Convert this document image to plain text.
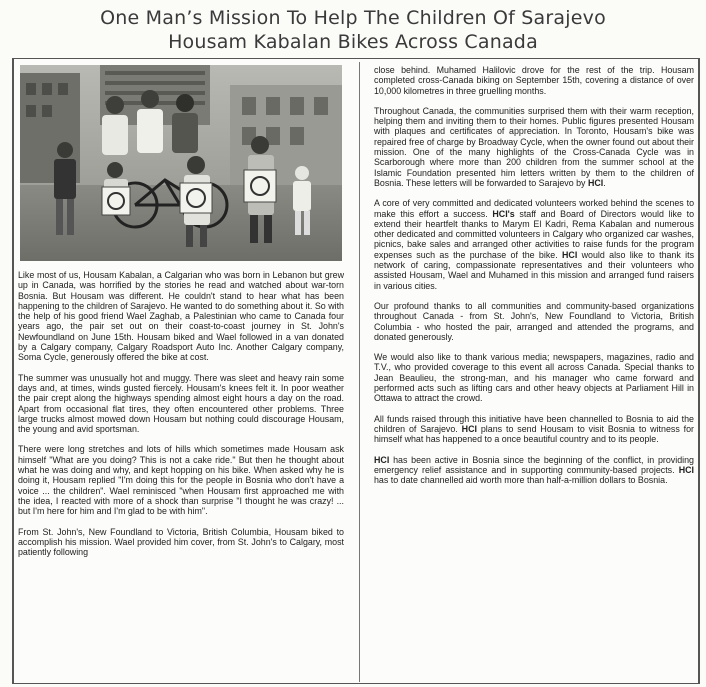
One Man’s Mission To Help The Children Of Sarajevo
Housam Kabalan Bikes Across Canada

Like most of us, Housam Kabalan, a Calgarian who was born in Lebanon but grew up in Canada, was horrified by the stories he read and watched about war-torn Bosnia. But Housam was different. He couldn't stand to hear what has been happening to the children of Sarajevo. He wanted to do something about it. So with the help of his good friend Wael Zaghab, a Palestinian who came to Canada four years ago, the pair set out on their coast-to-coast journey in St. John's Newfoundland on June 15th. Housam biked and Wael followed in a van donated by a Calgary company, Calgary Roadsport Auto Inc. Another Calgary company, Soma Cycle, generously offered the bike at cost.

The summer was unusually hot and muggy. There was sleet and heavy rain some days and, at times, winds gusted fiercely. Housam's knees felt it. In poor weather the pair crept along the highways spending almost eight hours a day on the road. Apart from occasional flat tires, they often encountered other problems. Three large trucks almost mowed down Housam but nothing could discourage Housam, the young and avid sportsman.

There were long stretches and lots of hills which sometimes made Housam ask himself "What are you doing? This is not a cake ride." But then he thought about what he was doing and why, and kept hopping on his bike. When asked why he is doing it, Housam replied "I'm doing this for the people in Bosnia who don't have a voice ... the children". Wael reminisced "when Housam first approached me with the idea, I reacted with more of a shock than surprise "I thought he was crazy! ... but I'm here for him and I'm glad to be with him".

From St. John's, New Foundland to Victoria, British Columbia, Housam biked to accomplish his mission. Wael provided him cover, from St. John's to Calgary, most patiently following

close behind. Muhamed Halilovic drove for the rest of the trip. Housam completed cross-Canada biking on September 15th, covering a distance of over 10,000 kilometres in three gruelling months.

Throughout Canada, the communities surprised them with their warm reception, helping them and inviting them to their homes. Public figures presented Housam with plaques and certificates of appreciation. In Toronto, Housam's bike was repaired free of charge by Broadway Cycle, when the owner found out about their mission. One of the many highlights of the Cross-Canada Cycle was in Scarborough where more than 200 children from the summer school at the Islamic Foundation presented him letters written by them to the children of Bosnia. These letters will be forwarded to Sarajevo by HCI.

A core of very committed and dedicated volunteers worked behind the scenes to make this effort a success. HCI's staff and Board of Directors would like to extend their heartfelt thanks to Marym El Kadri, Rema Kabalan and numerous other dedicated and committed volunteers in Calgary who organized car washes, picnics, bake sales and arranged other activities to raise funds for the program expenses such as the purchase of the bike. HCI would also like to thank its network of caring, compassionate representatives and their volunteers who assisted Housam, Wael and Muhamed in this mission and arranged fund raisers in various cities.

Our profound thanks to all communities and community-based organizations throughout Canada - from St. John's, New Foundland to Victoria, British Columbia - who hosted the pair, arranged and attended the programs, and donated generously.

We would also like to thank various media; newspapers, magazines, radio and T.V., who provided coverage to this event all across Canada. Special thanks to Jean Beaulieu, the strong-man, and his manager who came forward and performed acts such as lifting cars and other heavy objects at Parliament Hill in Ottawa to attract the crowd.

All funds raised through this initiative have been channelled to Bosnia to aid the children of Sarajevo. HCI plans to send Housam to visit Bosnia to witness for himself what has happened to a once beautiful country and to its people.

HCI has been active in Bosnia since the beginning of the conflict, in providing emergency relief assistance and in supporting community-based projects. HCI has to date channelled aid worth more than half-a-million dollars to Bosnia.
